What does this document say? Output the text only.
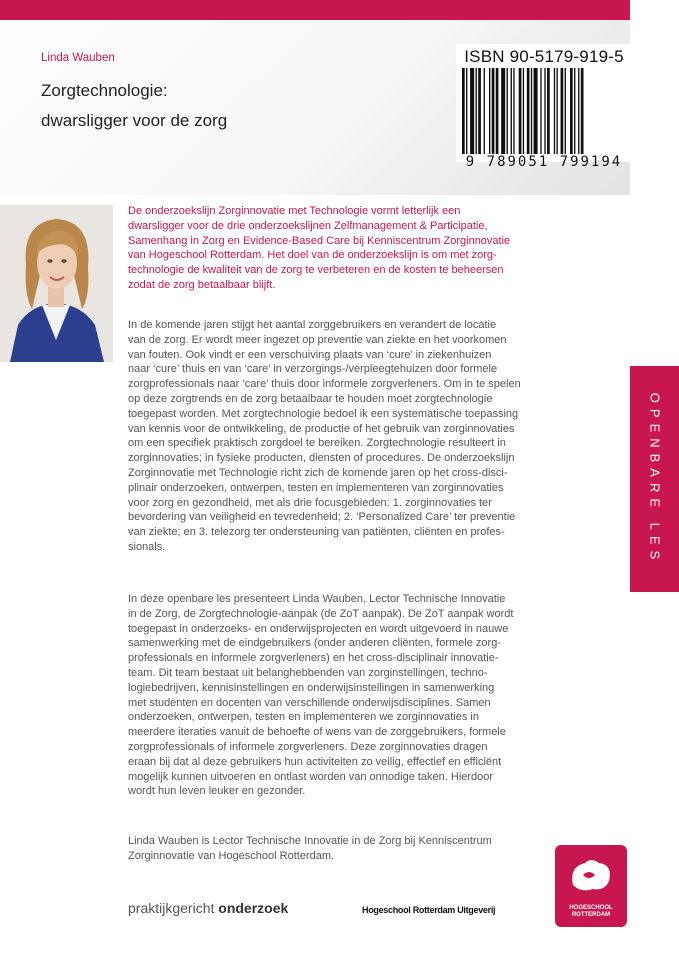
Linda Wauben
Zorgtechnologie:
dwarsligger voor de zorg
ISBN 90-5179-919-5
9 789051 799194
De onderzoekslijn Zorginnovatie met Technologie vormt letterlijk een
dwarsligger voor de drie onderzoekslijnen Zelfmanagement & Participatie,
Samenhang in Zorg en Evidence-Based Care bij Kenniscentrum Zorginnovatie
van Hogeschool Rotterdam. Het doel van de onderzoekslijn is om met zorg-
technologie de kwaliteit van de zorg te verbeteren en de kosten te beheersen
zodat de zorg betaalbaar blijft.
In de komende jaren stijgt het aantal zorggebruikers en verandert de locatie
van de zorg. Er wordt meer ingezet op preventie van ziekte en het voorkomen
van fouten. Ook vindt er een verschuiving plaats van ‘cure’ in ziekenhuizen
naar ‘cure’ thuis en van ‘care’ in verzorgings-/verpleegtehuizen door formele
zorgprofessionals naar ‘care’ thuis door informele zorgverleners. Om in te spelen
op deze zorgtrends en de zorg betaalbaar te houden moet zorgtechnologie
toegepast worden. Met zorgtechnologie bedoel ik een systematische toepassing
van kennis voor de ontwikkeling, de productie of het gebruik van zorginnovaties
om een specifiek praktisch zorgdoel te bereiken. Zorgtechnologie resulteert in
zorginnovaties; in fysieke producten, diensten of procedures. De onderzoekslijn
Zorginnovatie met Technologie richt zich de komende jaren op het cross-disci-
plinair onderzoeken, ontwerpen, testen en implementeren van zorginnovaties
voor zorg en gezondheid, met als drie focusgebieden: 1. zorginnovaties ter
bevordering van veiligheid en tevredenheid; 2. ‘Personalized Care’ ter preventie
van ziekte; en 3. telezorg ter ondersteuning van patiënten, cliënten en profes-
sionals.
In deze openbare les presenteert Linda Wauben, Lector Technische Innovatie
in de Zorg, de Zorgtechnologie-aanpak (de ZoT aanpak). De ZoT aanpak wordt
toegepast in onderzoeks- en onderwijsprojecten en wordt uitgevoerd in nauwe
samenwerking met de eindgebruikers (onder anderen cliënten, formele zorg-
professionals en informele zorgverleners) en het cross-disciplinair innovatie-
team. Dit team bestaat uit belanghebbenden van zorginstellingen, techno-
logiebedrijven, kennisinstellingen en onderwijsinstellingen in samenwerking
met studenten en docenten van verschillende onderwijsdisciplines. Samen
onderzoeken, ontwerpen, testen en implementeren we zorginnovaties in
meerdere iteraties vanuit de behoefte of wens van de zorggebruikers, formele
zorgprofessionals of informele zorgverleners. Deze zorginnovaties dragen
eraan bij dat al deze gebruikers hun activiteiten zo veilig, effectief en efficiënt
mogelijk kunnen uitvoeren en ontlast worden van onnodige taken. Hierdoor
wordt hun leven leuker en gezonder.
Linda Wauben is Lector Technische Innovatie in de Zorg bij Kenniscentrum
Zorginnovatie van Hogeschool Rotterdam.
OPENBARE LES
praktijkgericht onderzoek	Hogeschool Rotterdam Uitgeverij	HOGESCHOOL
ROTTERDAM
